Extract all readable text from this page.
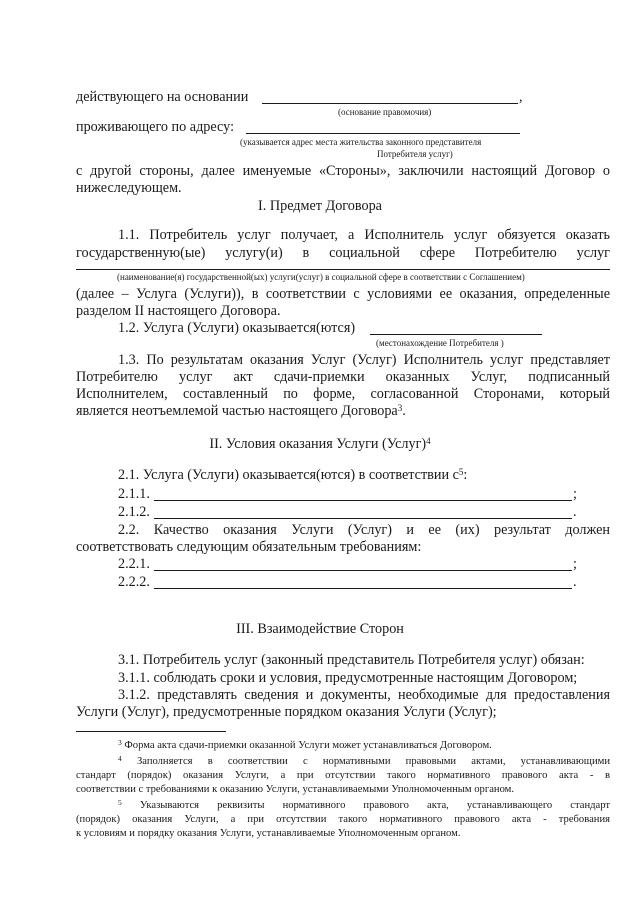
действующего на основании	,
(основание правомочия)
проживающего по адресу:
(указывается адрес места жительства законного представителя
Потребителя услуг)
с другой стороны, далее именуемые «Стороны», заключили настоящий Договор о
нижеследующем.
I. Предмет Договора
1.1. Потребитель услуг получает, а Исполнитель услуг обязуется оказать
государственную(ые) услугу(и) в социальной сфере Потребителю услуг
(наименование(я) государственной(ых) услуги(услуг) в социальной сфере в соответствии с Соглашением)
(далее – Услуга (Услуги)), в соответствии с условиями ее оказания, определенные
разделом II настоящего Договора.
1.2. Услуга (Услуги) оказывается(ются)
(местонахождение Потребителя )
1.3. По результатам оказания Услуг (Услуг) Исполнитель услуг представляет
Потребителю услуг акт сдачи-приемки оказанных Услуг, подписанный
Исполнителем, составленный по форме, согласованной Сторонами, который
является неотъемлемой частью настоящего Договора$^3$.
II. Условия оказания Услуги (Услуг)$^4$
2.1. Услуга (Услуги) оказывается(ются) в соответствии $с^5$:
2.1.1.	;
2.1.2.	.
2.2. Качество оказания Услуги (Услуг) и ее (их) результат должен
соответствовать следующим обязательным требованиям:
2.2.1.	;
2.2.2.	.
III. Взаимодействие Сторон
3.1. Потребитель услуг (законный представитель Потребителя услуг) обязан:
3.1.1. соблюдать сроки и условия, предусмотренные настоящим Договором;
3.1.2. представлять сведения и документы, необходимые для предоставления
Услуги (Услуг), предусмотренные порядком оказания Услуги (Услуг);
$^3$ Форма акта сдачи-приемки оказанной Услуги может устанавливаться Договором.
$^4$ Заполняется в соответствии с нормативными правовыми актами, устанавливающими
стандарт (порядок) оказания Услуги, а при отсутствии такого нормативного правового акта - в
соответствии с требованиями к оказанию Услуги, устанавливаемыми Уполномоченным органом.
$^5$ Указываются реквизиты нормативного правового акта, устанавливающего стандарт
(порядок) оказания Услуги, а при отсутствии такого нормативного правового акта - требования
к условиям и порядку оказания Услуги, устанавливаемые Уполномоченным органом.
